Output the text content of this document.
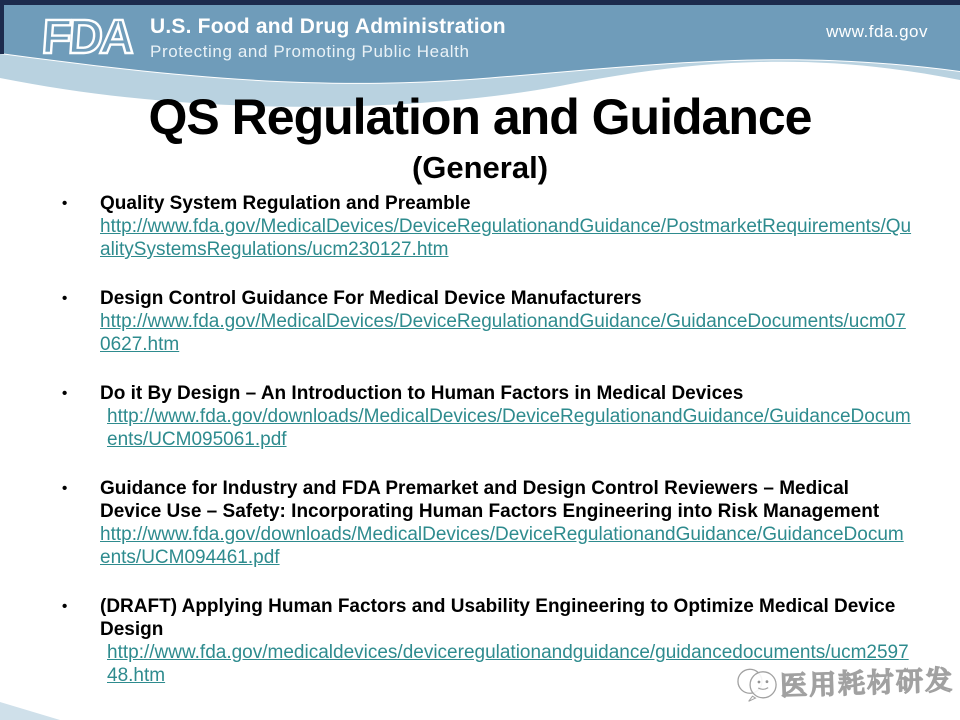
FDA U.S. Food and Drug Administration
Protecting and Promoting Public Health
www.fda.gov
QS Regulation and Guidance
(General)
•	Quality System Regulation and Preamble
http://www.fda.gov/MedicalDevices/DeviceRegulationandGuidance/PostmarketRequirements/QualitySystemsRegulations/ucm230127.htm
•	Design Control Guidance For Medical Device Manufacturers
http://www.fda.gov/MedicalDevices/DeviceRegulationandGuidance/GuidanceDocuments/ucm070627.htm
•	Do it By Design – An Introduction to Human Factors in Medical Devices
http://www.fda.gov/downloads/MedicalDevices/DeviceRegulationandGuidance/GuidanceDocuments/UCM095061.pdf
•	Guidance for Industry and FDA Premarket and Design Control Reviewers – Medical Device Use – Safety: Incorporating Human Factors Engineering into Risk Management
http://www.fda.gov/downloads/MedicalDevices/DeviceRegulationandGuidance/GuidanceDocuments/UCM094461.pdf
•	(DRAFT) Applying Human Factors and Usability Engineering to Optimize Medical Device Design
http://www.fda.gov/medicaldevices/deviceregulationandguidance/guidancedocuments/ucm259748.htm	医用耗材研发
